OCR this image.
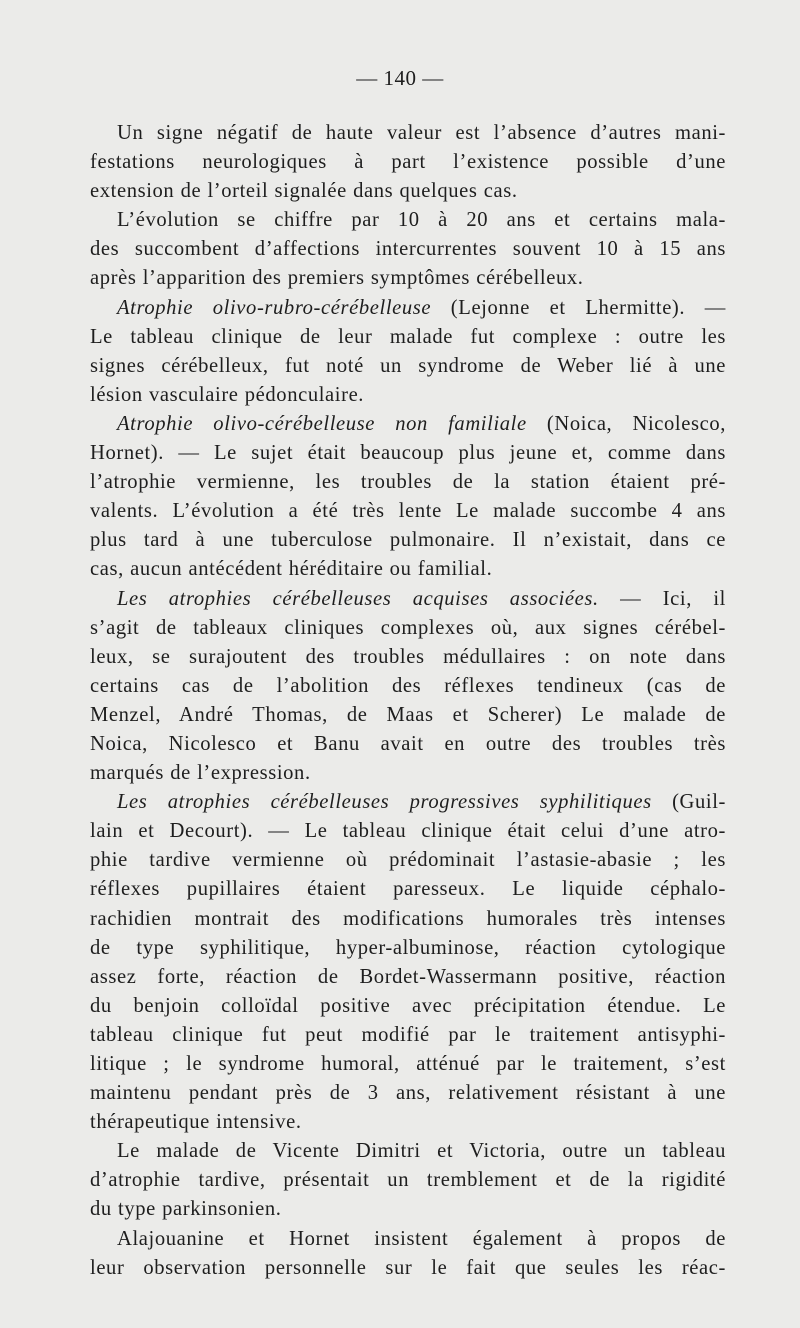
— 140 —
Un signe négatif de haute valeur est l’absence d’autres mani-
festations neurologiques à part l’existence possible d’une
extension de l’orteil signalée dans quelques cas.
L’évolution se chiffre par 10 à 20 ans et certains mala-
des succombent d’affections intercurrentes souvent 10 à 15 ans
après l’apparition des premiers symptômes cérébelleux.
Atrophie olivo-rubro-cérébelleuse (Lejonne et Lhermitte). —
Le tableau clinique de leur malade fut complexe : outre les
signes cérébelleux, fut noté un syndrome de Weber lié à une
lésion vasculaire pédonculaire.
Atrophie olivo-cérébelleuse non familiale (Noica, Nicolesco,
Hornet). — Le sujet était beaucoup plus jeune et, comme dans
l’atrophie vermienne, les troubles de la station étaient pré-
valents. L’évolution a été très lente Le malade succombe 4 ans
plus tard à une tuberculose pulmonaire. Il n’existait, dans ce
cas, aucun antécédent héréditaire ou familial.
Les atrophies cérébelleuses acquises associées. — Ici, il
s’agit de tableaux cliniques complexes où, aux signes cérébel-
leux, se surajoutent des troubles médullaires : on note dans
certains cas de l’abolition des réflexes tendineux (cas de
Menzel, André Thomas, de Maas et Scherer) Le malade de
Noica, Nicolesco et Banu avait en outre des troubles très
marqués de l’expression.
Les atrophies cérébelleuses progressives syphilitiques (Guil-
lain et Decourt). — Le tableau clinique était celui d’une atro-
phie tardive vermienne où prédominait l’astasie-abasie ; les
réflexes pupillaires étaient paresseux. Le liquide céphalo-
rachidien montrait des modifications humorales très intenses
de type syphilitique, hyper-albuminose, réaction cytologique
assez forte, réaction de Bordet-Wassermann positive, réaction
du benjoin colloïdal positive avec précipitation étendue. Le
tableau clinique fut peut modifié par le traitement antisyphi-
litique ; le syndrome humoral, atténué par le traitement, s’est
maintenu pendant près de 3 ans, relativement résistant à une
thérapeutique intensive.
Le malade de Vicente Dimitri et Victoria, outre un tableau
d’atrophie tardive, présentait un tremblement et de la rigidité
du type parkinsonien.
Alajouanine et Hornet insistent également à propos de
leur observation personnelle sur le fait que seules les réac-
